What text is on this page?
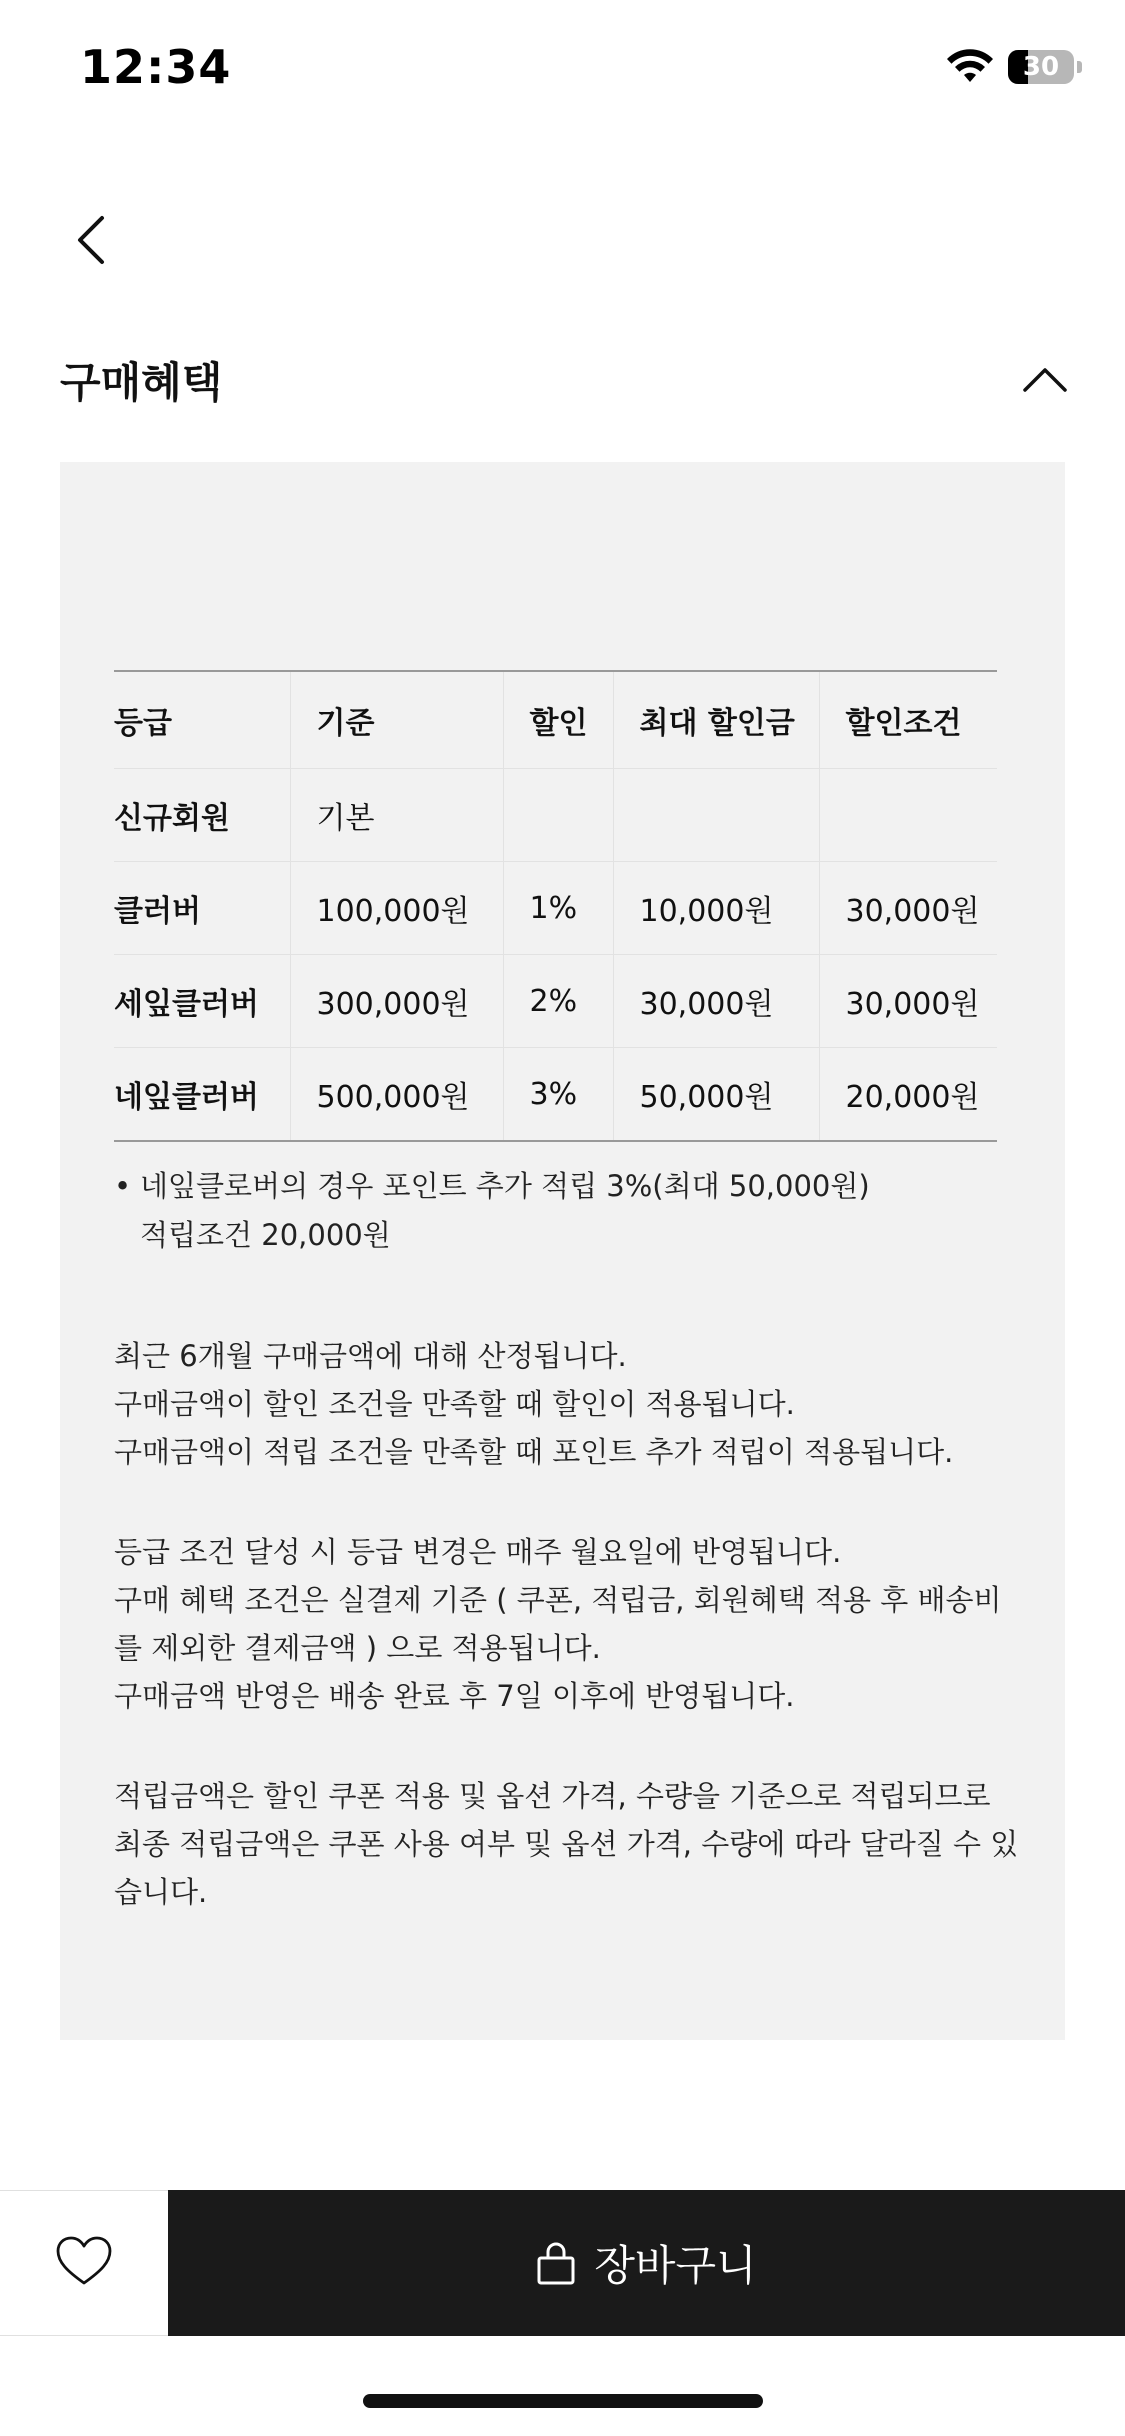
12:34	30
구매혜택
등급	기준	할인	최대 할인금	할인조건
신규회원	기본			
클러버	100,000원	1%	10,000원	30,000원
세잎클러버	300,000원	2%	30,000원	30,000원
네잎클러버	500,000원	3%	50,000원	20,000원
• 네잎클로버의 경우 포인트 추가 적립 3%(최대 50,000원)
적립조건 20,000원
최근 6개월 구매금액에 대해 산정됩니다.
구매금액이 할인 조건을 만족할 때 할인이 적용됩니다.
구매금액이 적립 조건을 만족할 때 포인트 추가 적립이 적용됩니다.
등급 조건 달성 시 등급 변경은 매주 월요일에 반영됩니다.
구매 혜택 조건은 실결제 기준 ( 쿠폰, 적립금, 회원혜택 적용 후 배송비
를 제외한 결제금액 ) 으로 적용됩니다.
구매금액 반영은 배송 완료 후 7일 이후에 반영됩니다.
적립금액은 할인 쿠폰 적용 및 옵션 가격, 수량을 기준으로 적립되므로
최종 적립금액은 쿠폰 사용 여부 및 옵션 가격, 수량에 따라 달라질 수 있
습니다.
장바구니
